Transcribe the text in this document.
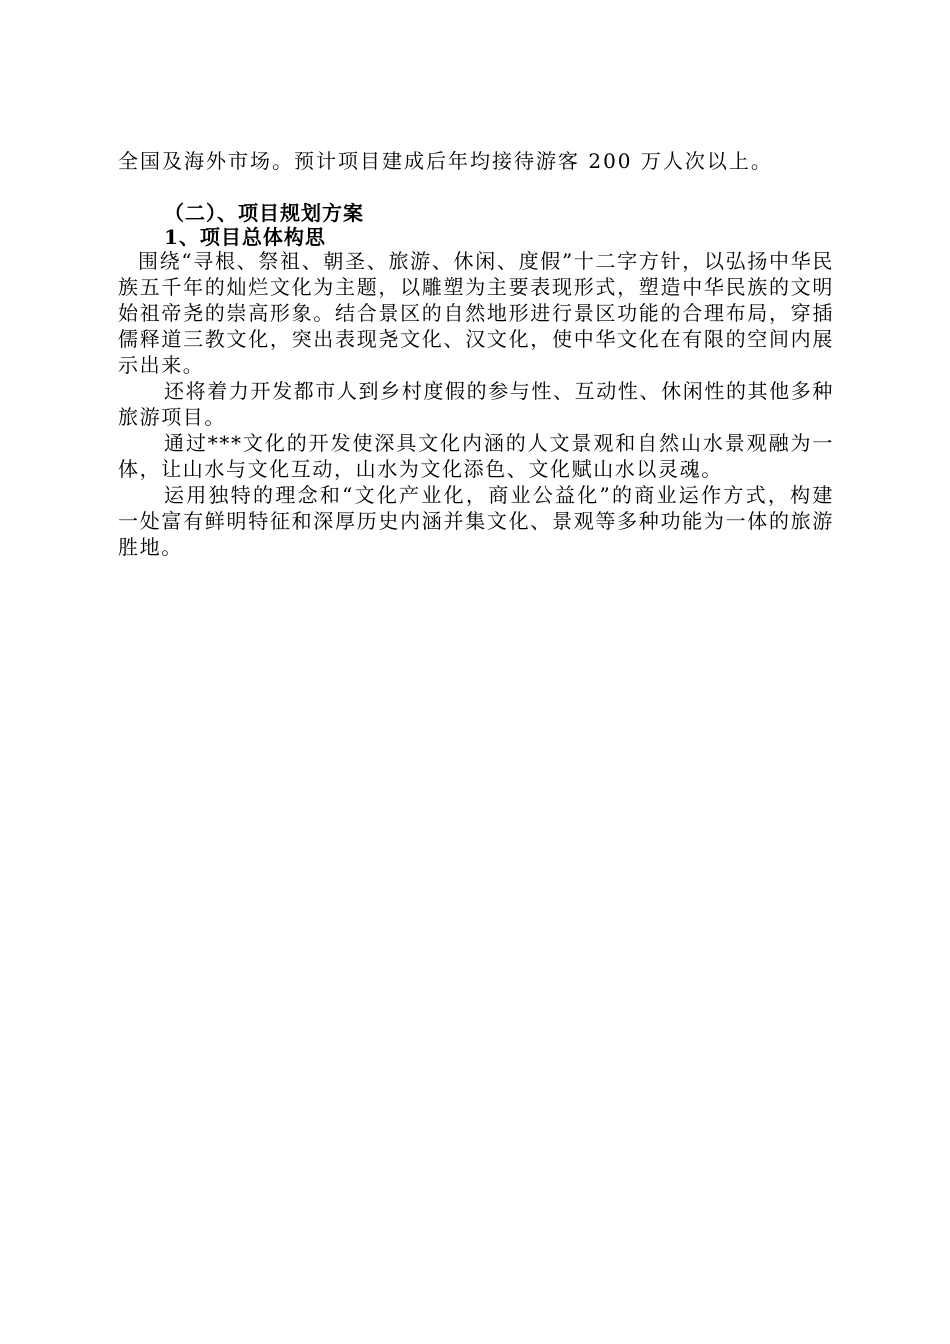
全国及海外市场。预计项目建成后年均接待游客 200 万人次以上。
（二）、项目规划方案
1、项目总体构思

围绕“寻根、祭祖、朝圣、旅游、休闲、度假”十二字方针，以弘扬中华民族五千年的灿烂文化为主题，以雕塑为主要表现形式，塑造中华民族的文明始祖帝尧的崇高形象。结合景区的自然地形进行景区功能的合理布局，穿插儒释道三教文化，突出表现尧文化、汉文化，使中华文化在有限的空间内展示出来。

还将着力开发都市人到乡村度假的参与性、互动性、休闲性的其他多种旅游项目。

通过***文化的开发使深具文化内涵的人文景观和自然山水景观融为一体，让山水与文化互动，山水为文化添色、文化赋山水以灵魂。

运用独特的理念和“文化产业化，商业公益化”的商业运作方式，构建一处富有鲜明特征和深厚历史内涵并集文化、景观等多种功能为一体的旅游胜地。
